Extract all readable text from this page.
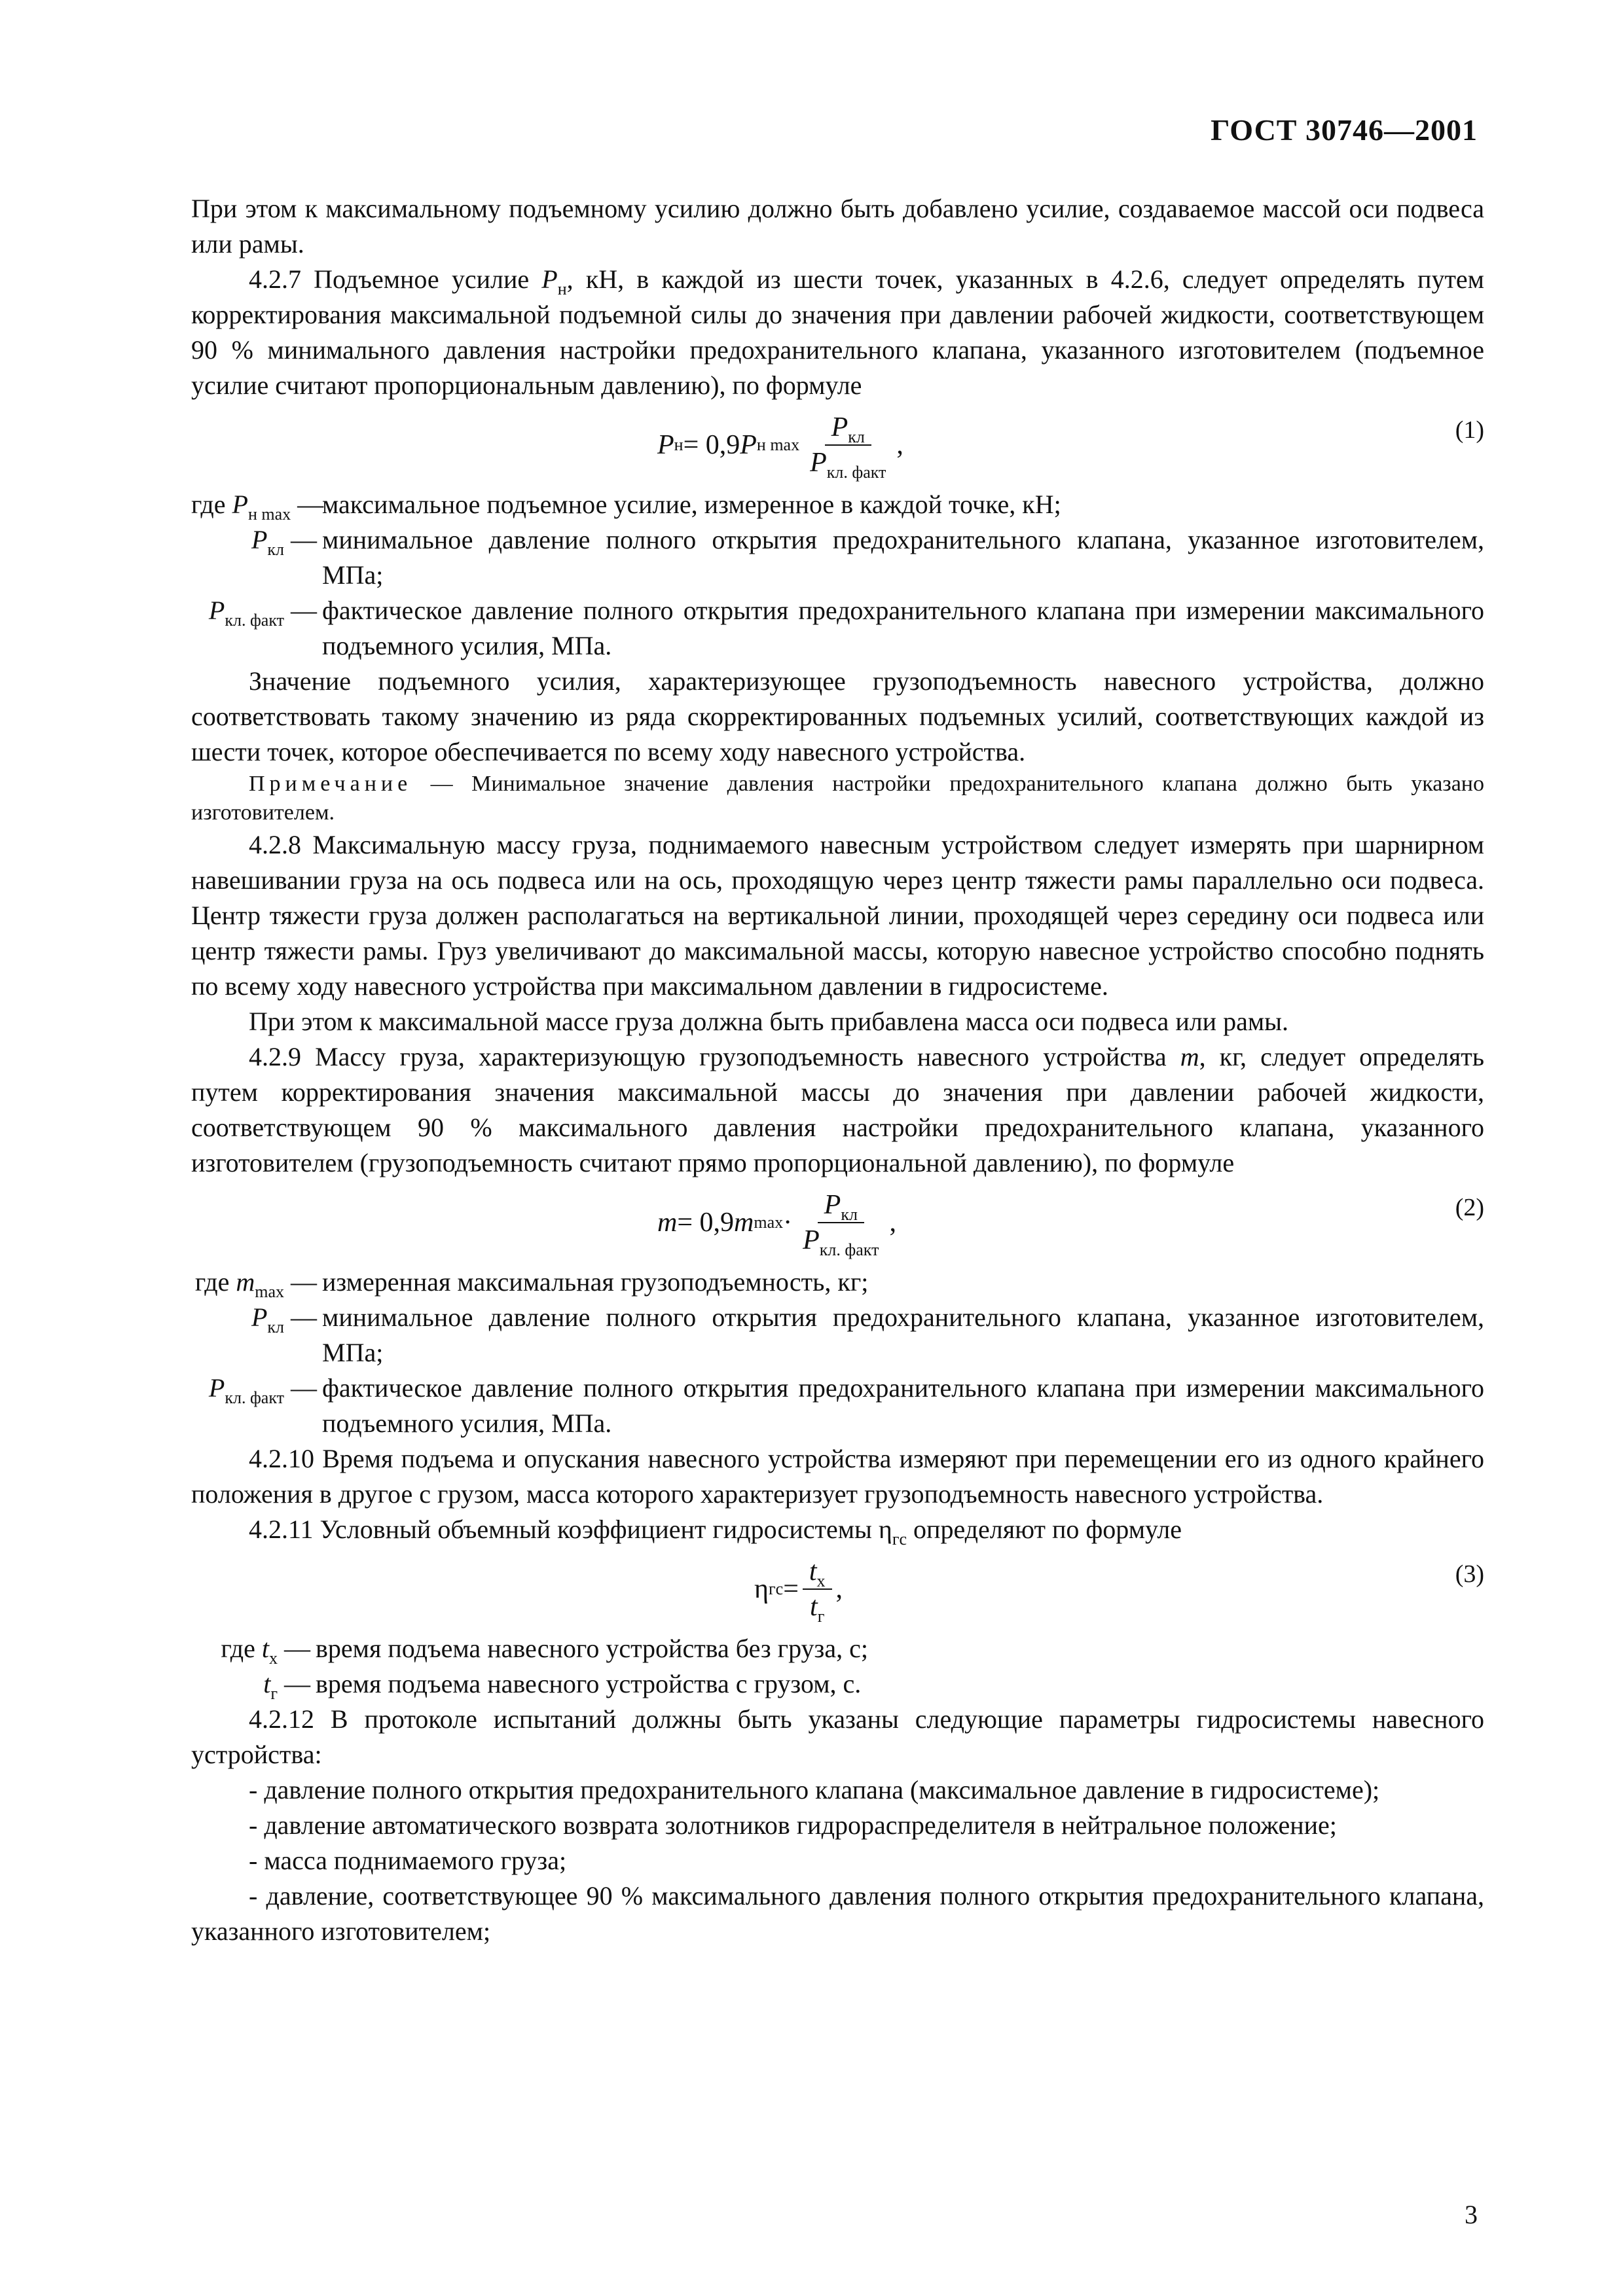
ГОСТ 30746—2001

При этом к максимальному подъемному усилию должно быть добавлено усилие, создаваемое массой оси подвеса или рамы.

4.2.7 Подъемное усилие $P_н$, кН, в каждой из шести точек, указанных в 4.2.6, следует определять путем корректирования максимальной подъемной силы до значения при давлении рабочей жидкости, соответствующем 90 % минимального давления настройки предохранительного клапана, указанного изготовителем (подъемное усилие считают пропорциональным давлению), по формуле

P н = 0,9 P н $\max \frac{P_{кл}}{P_{кл. факт}}$ ,	(1)
где $P_{н max}$ —
максимальное подъемное усилие, измеренное в каждой точке, кН;
$P_{кл}$ — минимальное давление полного открытия предохранительного клапана, указанное изготовителем, МПа;
$P_{кл. факт}$ — фактическое давление полного открытия предохранительного клапана при измерении максимального подъемного усилия, МПа.

Значение подъемного усилия, характеризующее грузоподъемность навесного устройства, должно соответствовать такому значению из ряда скорректированных подъемных усилий, соответствующих каждой из шести точек, которое обеспечивается по всему ходу навесного устройства.

Примечание — Минимальное значение давления настройки предохранительного клапана должно быть указано изготовителем.

4.2.8 Максимальную массу груза, поднимаемого навесным устройством следует измерять при шарнирном навешивании груза на ось подвеса или на ось, проходящую через центр тяжести рамы параллельно оси подвеса. Центр тяжести груза должен располагаться на вертикальной линии, проходящей через середину оси подвеса или центр тяжести рамы. Груз увеличивают до максимальной массы, которую навесное устройство способно поднять по всему ходу навесного устройства при максимальном давлении в гидросистеме.

При этом к максимальной массе груза должна быть прибавлена масса оси подвеса или рамы.

4.2.9 Массу груза, характеризующую грузоподъемность навесного устройства m, кг, следует определять путем корректирования значения максимальной массы до значения при давлении рабочей жидкости, соответствующем 90 % максимального давления настройки предохранительного клапана, указанного изготовителем (грузоподъемность считают прямо пропорциональной давлению), по формуле

m = 0,9 m $\max \cdot \frac{P_{кл}}{P_{кл. факт}}$ ,	(2)
где $m_{max}$ — измеренная максимальная грузоподъемность, кг;
$P_{кл}$ — минимальное давление полного открытия предохранительного клапана, указанное изготовителем, МПа;
$P_{кл. факт}$ — фактическое давление полного открытия предохранительного клапана при измерении максимального подъемного усилия, МПа.

4.2.10 Время подъема и опускания навесного устройства измеряют при перемещении его из одного крайнего положения в другое с грузом, масса которого характеризует грузоподъемность навесного устройства.

4.2.11 Условный объемный коэффициент гидросистемы $\eta_{гс}$ определяют по формуле

η гс = $\frac{t_x}{t_г}$ ,	(3)
где $t_x$ — время подъема навесного устройства без груза, с;
$t_г$ — время подъема навесного устройства с грузом, с.

4.2.12 В протоколе испытаний должны быть указаны следующие параметры гидросистемы навесного устройства:

- давление полного открытия предохранительного клапана (максимальное давление в гидросистеме);

- давление автоматического возврата золотников гидрораспределителя в нейтральное положение;

- масса поднимаемого груза;

- давление, соответствующее 90 % максимального давления полного открытия предохранительного клапана, указанного изготовителем;

3
